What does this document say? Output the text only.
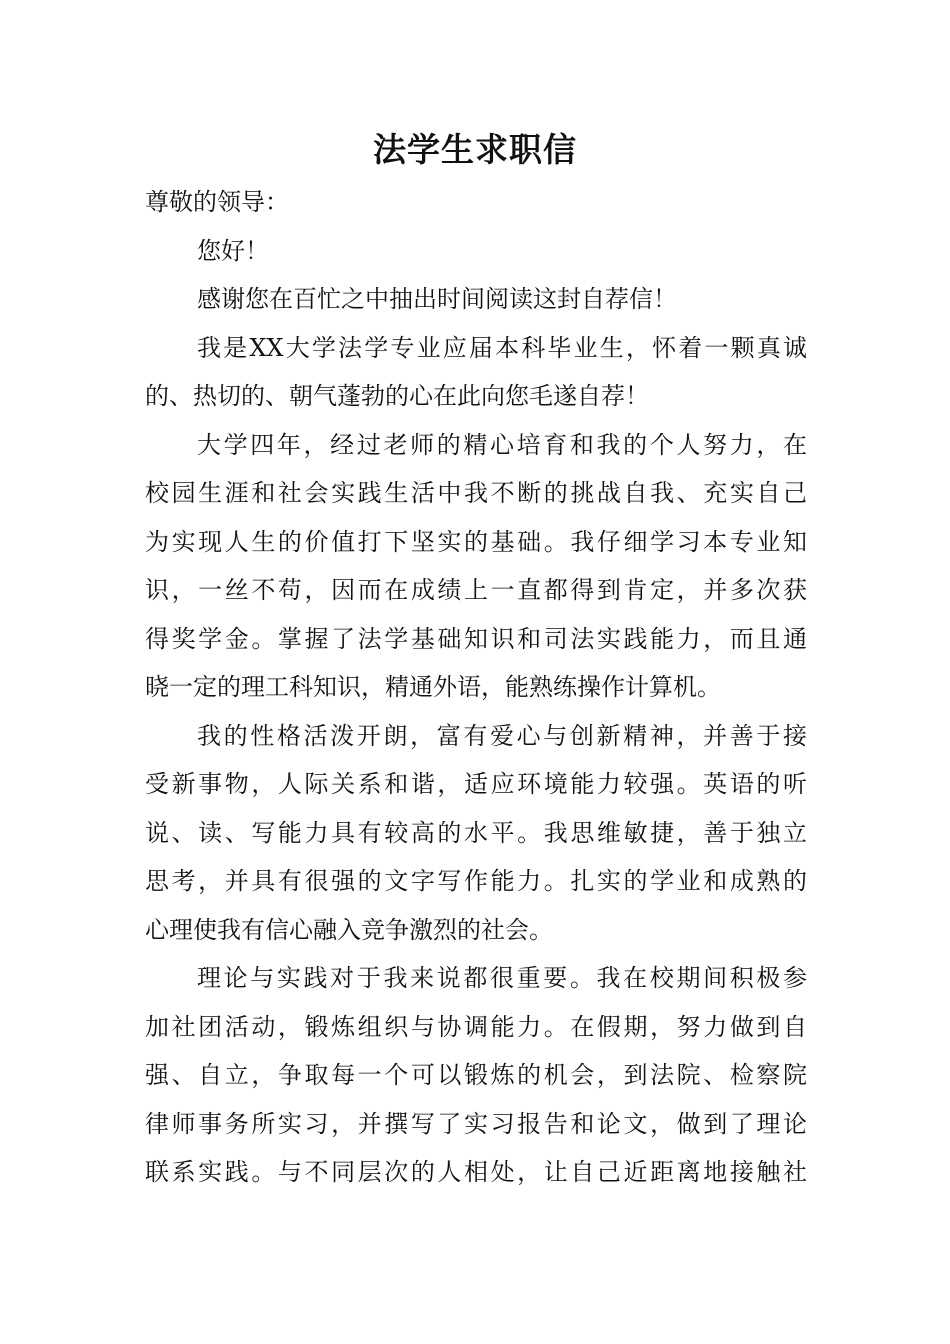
法学生求职信

尊敬的领导：

您好！

感谢您在百忙之中抽出时间阅读这封自荐信！

我是XX大学法学专业应届本科毕业生，怀着一颗真诚

的、热切的、朝气蓬勃的心在此向您毛遂自荐！

大学四年，经过老师的精心培育和我的个人努力，在

校园生涯和社会实践生活中我不断的挑战自我、充实自己

为实现人生的价值打下坚实的基础。我仔细学习本专业知

识，一丝不苟，因而在成绩上一直都得到肯定，并多次获

得奖学金。掌握了法学基础知识和司法实践能力，而且通

晓一定的理工科知识，精通外语，能熟练操作计算机。

我的性格活泼开朗，富有爱心与创新精神，并善于接

受新事物，人际关系和谐，适应环境能力较强。英语的听

说、读、写能力具有较高的水平。我思维敏捷，善于独立

思考，并具有很强的文字写作能力。扎实的学业和成熟的

心理使我有信心融入竞争激烈的社会。

理论与实践对于我来说都很重要。我在校期间积极参

加社团活动，锻炼组织与协调能力。在假期，努力做到自

强、自立，争取每一个可以锻炼的机会，到法院、检察院

律师事务所实习，并撰写了实习报告和论文，做到了理论

联系实践。与不同层次的人相处，让自己近距离地接触社
